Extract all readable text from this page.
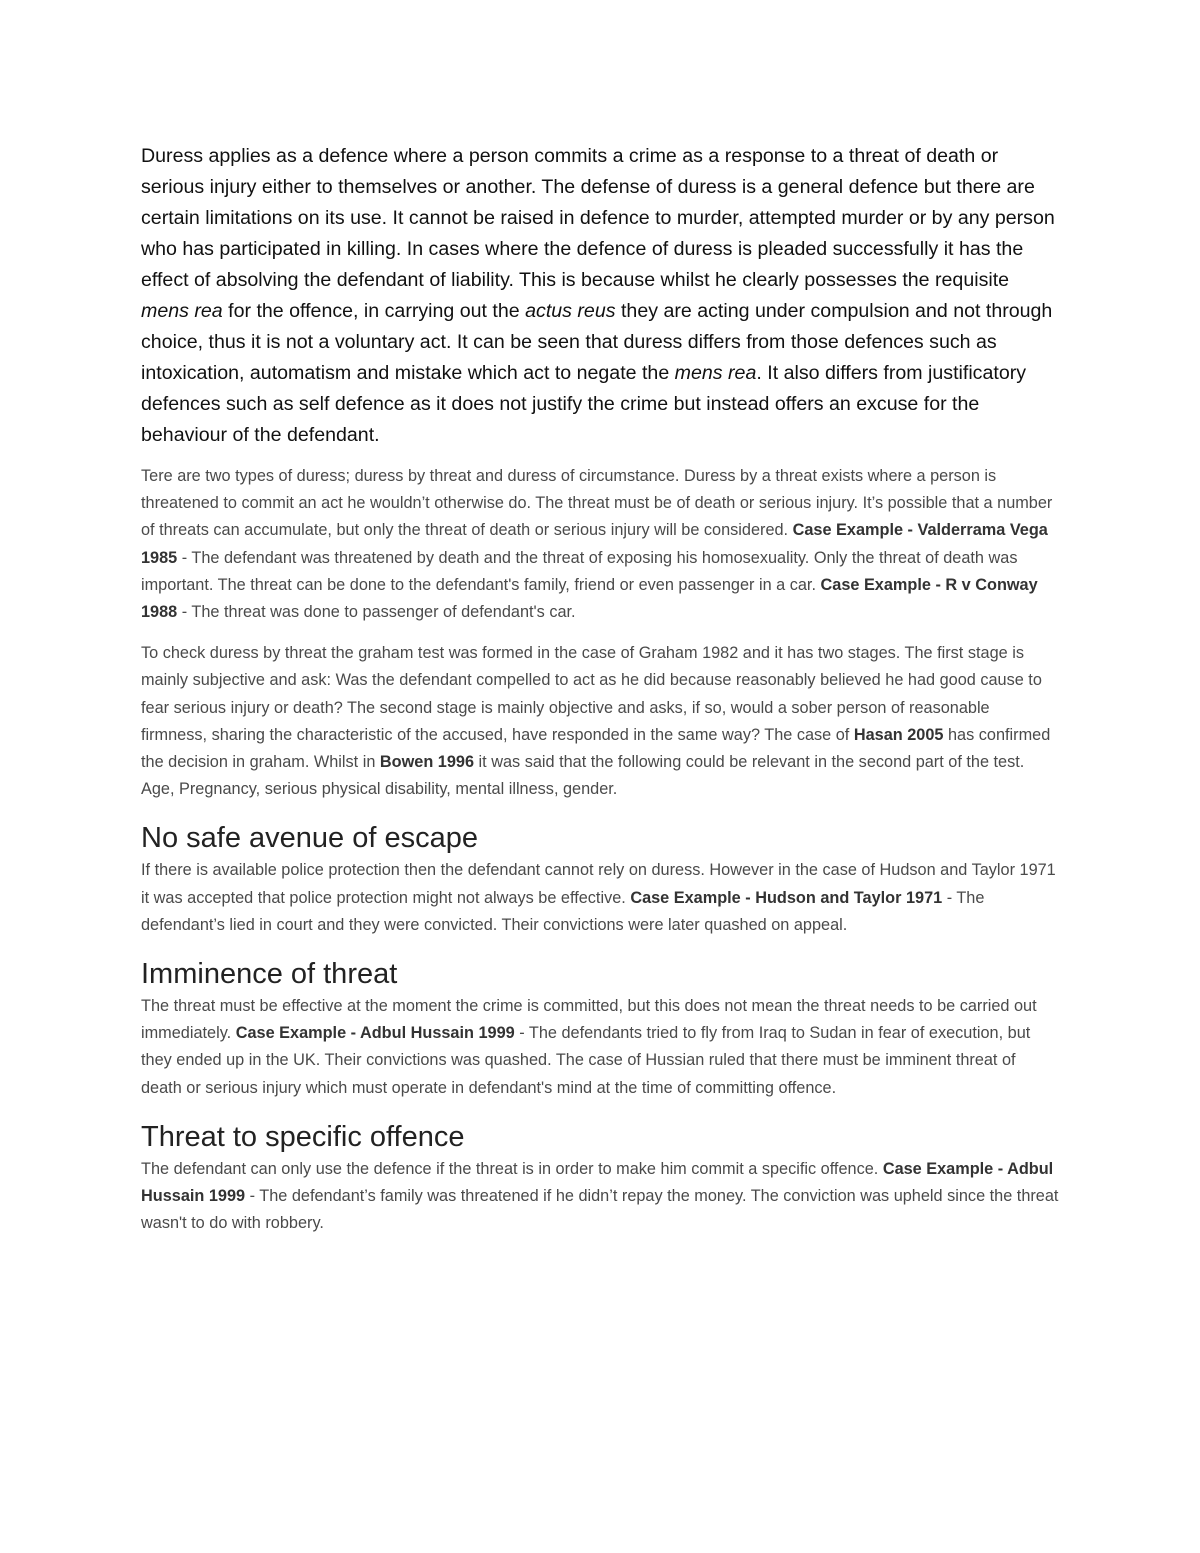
Duress applies as a defence where a person commits a crime as a response to a threat of death or serious injury either to themselves or another. The defense of duress is a general defence but there are certain limitations on its use. It cannot be raised in defence to murder, attempted murder or by any person who has participated in killing. In cases where the defence of duress is pleaded successfully it has the effect of absolving the defendant of liability. This is because whilst he clearly possesses the requisite mens rea for the offence, in carrying out the actus reus they are acting under compulsion and not through choice, thus it is not a voluntary act. It can be seen that duress differs from those defences such as intoxication, automatism and mistake which act to negate the mens rea. It also differs from justificatory defences such as self defence as it does not justify the crime but instead offers an excuse for the behaviour of the defendant.

Tere are two types of duress; duress by threat and duress of circumstance. Duress by a threat exists where a person is threatened to commit an act he wouldn’t otherwise do. The threat must be of death or serious injury. It’s possible that a number of threats can accumulate, but only the threat of death or serious injury will be considered. Case Example - Valderrama Vega 1985 - The defendant was threatened by death and the threat of exposing his homosexuality. Only the threat of death was important. The threat can be done to the defendant's family, friend or even passenger in a car. Case Example - R v Conway 1988 - The threat was done to passenger of defendant's car.

To check duress by threat the graham test was formed in the case of Graham 1982 and it has two stages. The first stage is mainly subjective and ask: Was the defendant compelled to act as he did because reasonably believed he had good cause to fear serious injury or death? The second stage is mainly objective and asks, if so, would a sober person of reasonable firmness, sharing the characteristic of the accused, have responded in the same way? The case of Hasan 2005 has confirmed the decision in graham. Whilst in Bowen 1996 it was said that the following could be relevant in the second part of the test. Age, Pregnancy, serious physical disability, mental illness, gender.

No safe avenue of escape

If there is available police protection then the defendant cannot rely on duress. However in the case of Hudson and Taylor 1971 it was accepted that police protection might not always be effective. Case Example - Hudson and Taylor 1971 - The defendant’s lied in court and they were convicted. Their convictions were later quashed on appeal.

Imminence of threat

The threat must be effective at the moment the crime is committed, but this does not mean the threat needs to be carried out immediately. Case Example - Adbul Hussain 1999 - The defendants tried to fly from Iraq to Sudan in fear of execution, but they ended up in the UK. Their convictions was quashed. The case of Hussian ruled that there must be imminent threat of death or serious injury which must operate in defendant's mind at the time of committing offence.

Threat to specific offence

The defendant can only use the defence if the threat is in order to make him commit a specific offence. Case Example - Adbul Hussain 1999 - The defendant’s family was threatened if he didn’t repay the money. The conviction was upheld since the threat wasn't to do with robbery.
